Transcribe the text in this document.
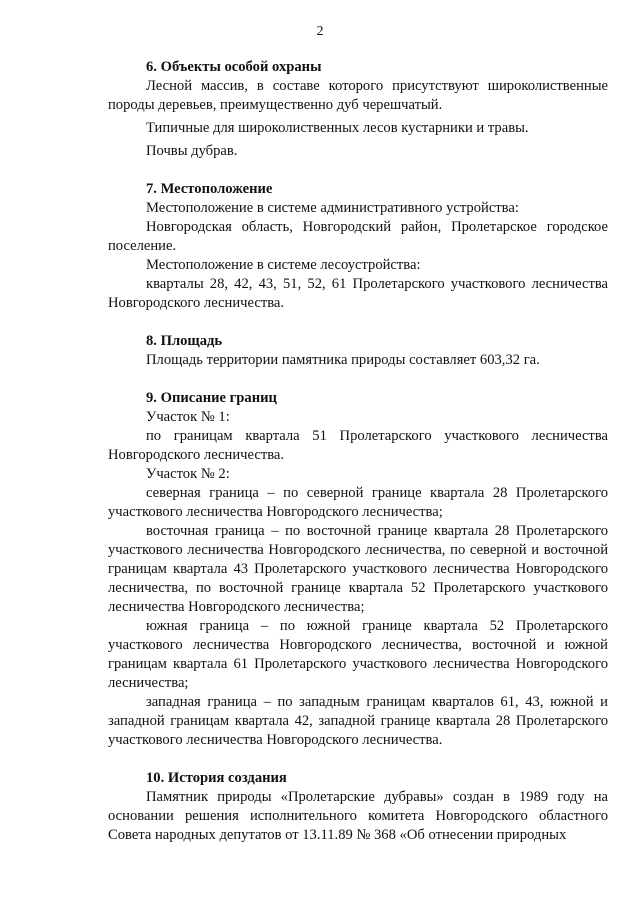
2

6. Объекты особой охраны

Лесной массив, в составе которого присутствуют широколиственные породы деревьев, преимущественно дуб черешчатый.

Типичные для широколиственных лесов кустарники и травы.

Почвы дубрав.

7. Местоположение

Местоположение в системе административного устройства:

Новгородская область, Новгородский район, Пролетарское городское поселение.

Местоположение в системе лесоустройства:

кварталы 28, 42, 43, 51, 52, 61 Пролетарского участкового лесничества Новгородского лесничества.

8. Площадь

Площадь территории памятника природы составляет 603,32 га.

9. Описание границ

Участок № 1:

по границам квартала 51 Пролетарского участкового лесничества Новгородского лесничества.

Участок № 2:

северная граница – по северной границе квартала 28 Пролетарского участкового лесничества Новгородского лесничества;

восточная граница – по восточной границе квартала 28 Пролетарского участкового лесничества Новгородского лесничества, по северной и восточной границам квартала 43 Пролетарского участкового лесничества Новгородского лесничества, по восточной границе квартала 52 Пролетарского участкового лесничества Новгородского лесничества;

южная граница – по южной границе квартала 52 Пролетарского участкового лесничества Новгородского лесничества, восточной и южной границам квартала 61 Пролетарского участкового лесничества Новгородского лесничества;

западная граница – по западным границам кварталов 61, 43, южной и западной границам квартала 42, западной границе квартала 28 Пролетарского участкового лесничества Новгородского лесничества.

10. История создания

Памятник природы «Пролетарские дубравы» создан в 1989 году на основании решения исполнительного комитета Новгородского областного Совета народных депутатов от 13.11.89 № 368 «Об отнесении природных
